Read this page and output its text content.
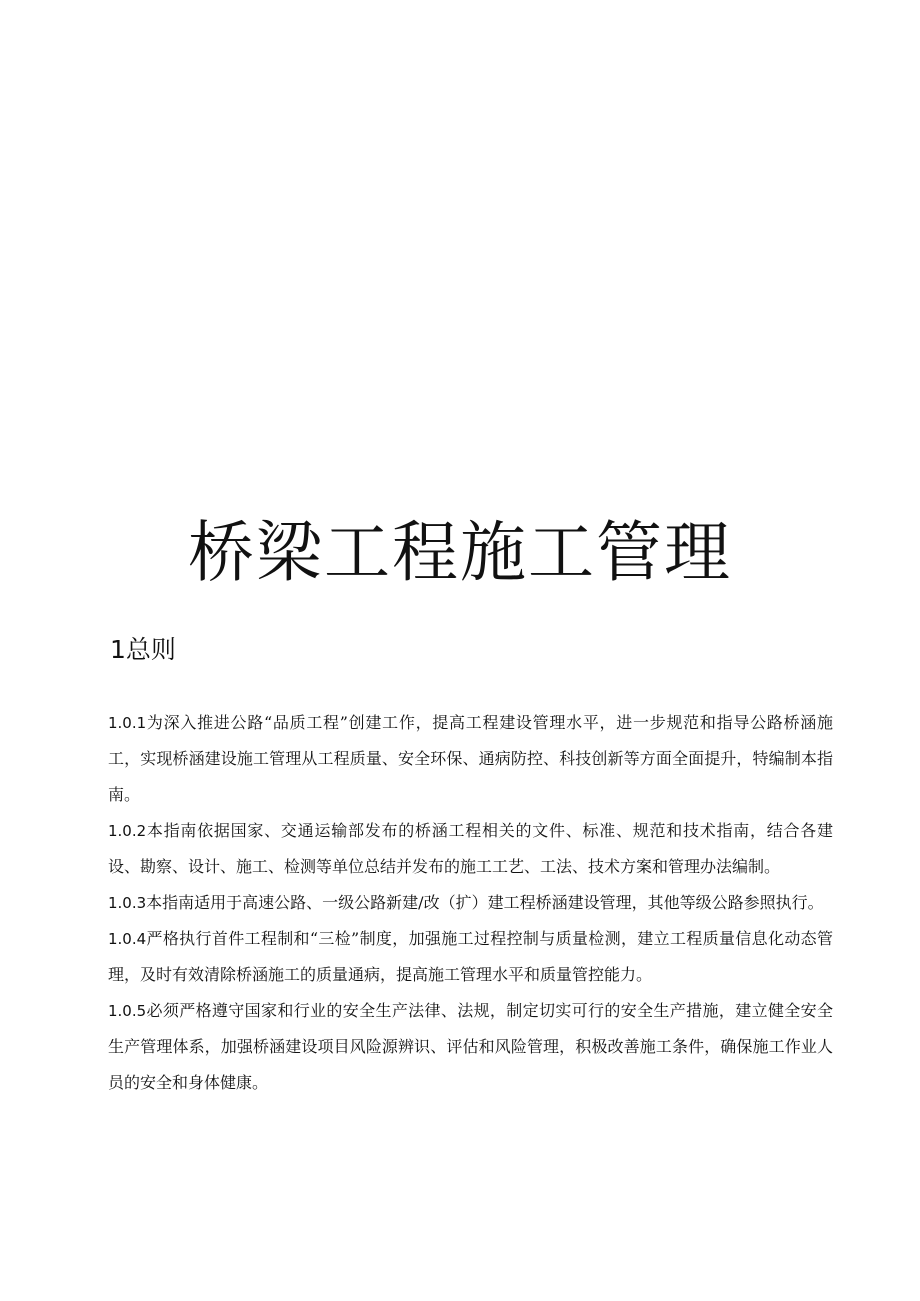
桥梁工程施工管理
1总则
1.0.1为深入推进公路“品质工程”创建工作，提高工程建设管理水平，进一步规范和指导公路桥涵施工，实现桥涵建设施工管理从工程质量、安全环保、通病防控、科技创新等方面全面提升，特编制本指南。
1.0.2本指南依据国家、交通运输部发布的桥涵工程相关的文件、标准、规范和技术指南，结合各建设、勘察、设计、施工、检测等单位总结并发布的施工工艺、工法、技术方案和管理办法编制。
1.0.3本指南适用于高速公路、一级公路新建/改（扩）建工程桥涵建设管理，其他等级公路参照执行。
1.0.4严格执行首件工程制和“三检”制度，加强施工过程控制与质量检测，建立工程质量信息化动态管理，及时有效清除桥涵施工的质量通病，提高施工管理水平和质量管控能力。
1.0.5必须严格遵守国家和行业的安全生产法律、法规，制定切实可行的安全生产措施，建立健全安全生产管理体系，加强桥涵建设项目风险源辨识、评估和风险管理，积极改善施工条件，确保施工作业人员的安全和身体健康。
